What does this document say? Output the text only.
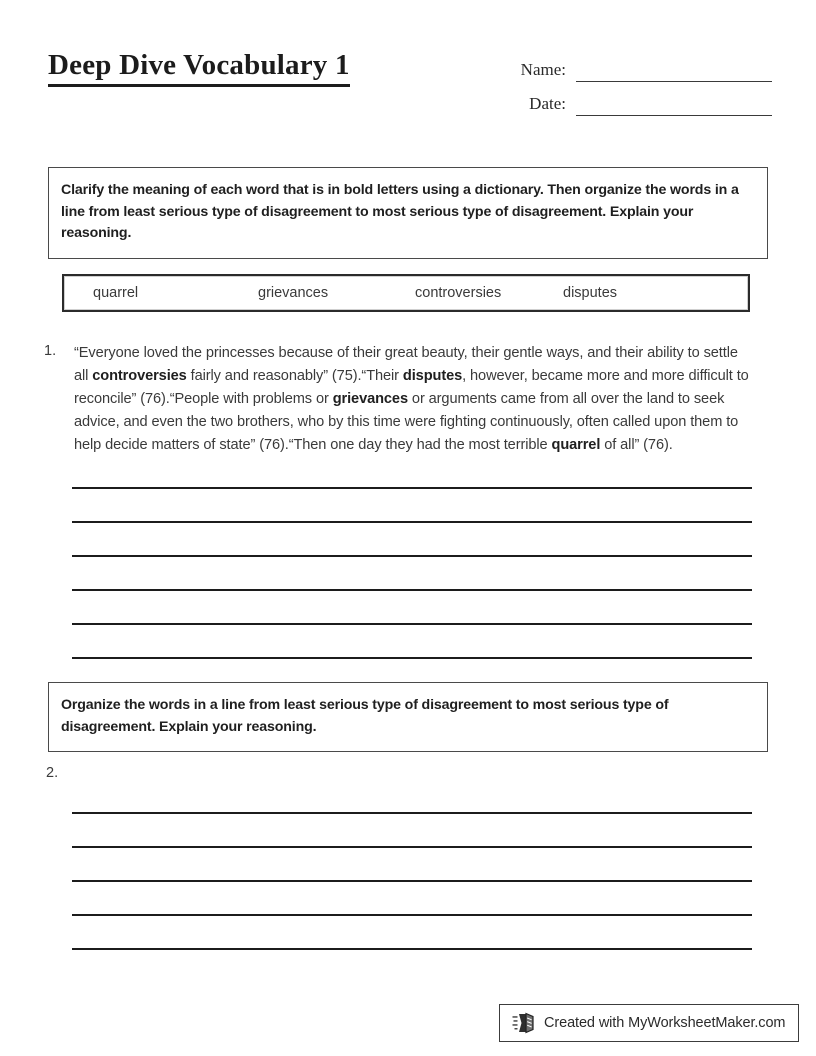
Deep Dive Vocabulary 1	Name:
Date:
Clarify the meaning of each word that is in bold letters using a dictionary. Then organize the words in a line from least serious type of disagreement to most serious type of disagreement. Explain your reasoning.
quarrel	grievances	controversies	disputes
1.	“Everyone loved the princesses because of their great beauty, their gentle ways, and their ability to settle all controversies fairly and reasonably” (75).“Their disputes, however, became more and more difficult to reconcile” (76).“People with problems or grievances or arguments came from all over the land to seek advice, and even the two brothers, who by this time were fighting continuously, often called upon them to help decide matters of state” (76).“Then one day they had the most terrible quarrel of all” (76).
Organize the words in a line from least serious type of disagreement to most serious type of disagreement. Explain your reasoning.
2.
Created with MyWorksheetMaker.com
